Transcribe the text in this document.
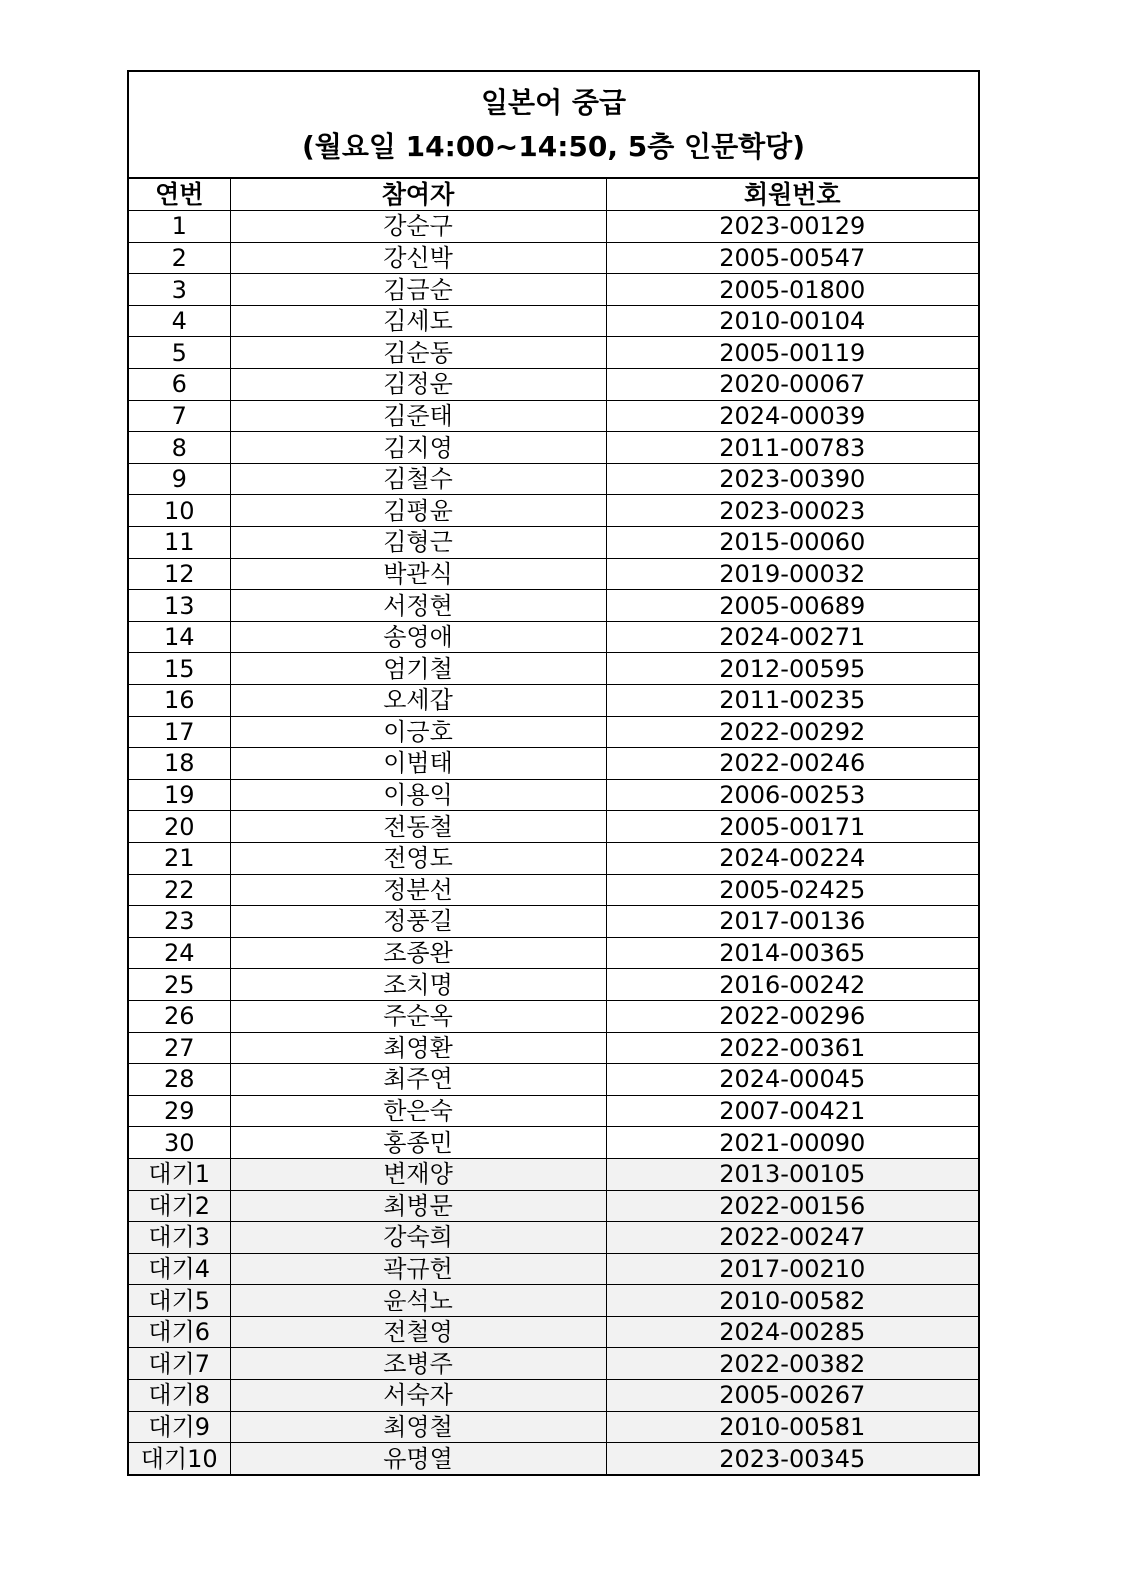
일본어 중급
(월요일 14:00~14:50, 5층 인문학당)
연번	참여자	회원번호
1	강순구	2023-00129
2	강신박	2005-00547
3	김금순	2005-01800
4	김세도	2010-00104
5	김순동	2005-00119
6	김정운	2020-00067
7	김준태	2024-00039
8	김지영	2011-00783
9	김철수	2023-00390
10	김평윤	2023-00023
11	김형근	2015-00060
12	박관식	2019-00032
13	서정현	2005-00689
14	송영애	2024-00271
15	엄기철	2012-00595
16	오세갑	2011-00235
17	이긍호	2022-00292
18	이범태	2022-00246
19	이용익	2006-00253
20	전동철	2005-00171
21	전영도	2024-00224
22	정분선	2005-02425
23	정풍길	2017-00136
24	조종완	2014-00365
25	조치명	2016-00242
26	주순옥	2022-00296
27	최영환	2022-00361
28	최주연	2024-00045
29	한은숙	2007-00421
30	홍종민	2021-00090
대기1	변재양	2013-00105
대기2	최병문	2022-00156
대기3	강숙희	2022-00247
대기4	곽규헌	2017-00210
대기5	윤석노	2010-00582
대기6	전철영	2024-00285
대기7	조병주	2022-00382
대기8	서숙자	2005-00267
대기9	최영철	2010-00581
대기10	유명열	2023-00345
